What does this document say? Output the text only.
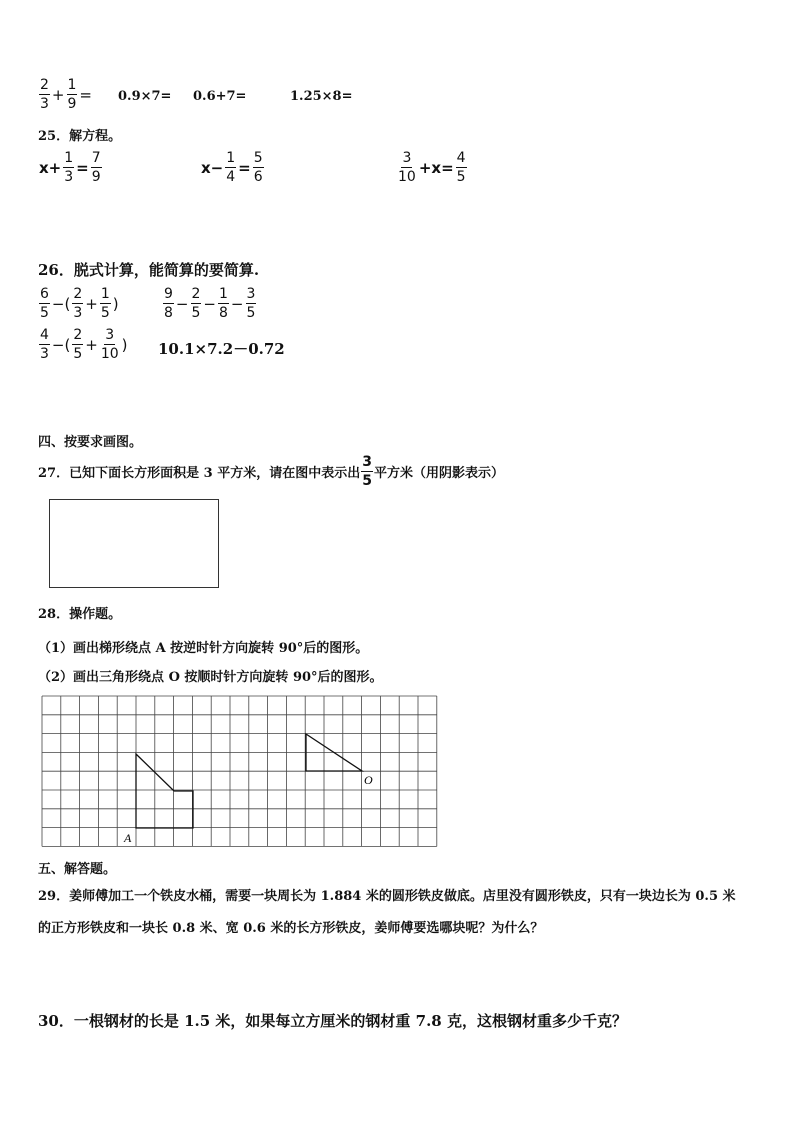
$\frac{2}{3} + \frac{1}{9} = 0.9\times 7= 0.6+7=$	1.25×8=
25．解方程。
$x+ \frac{1}{3} = \frac{7}{9}$	$x- \frac{1}{4} = \frac{5}{6}$	$\frac{3}{10} +x= \frac{4}{5}$
26．脱式计算，能简算的要简算.
$\frac{6}{5}$ −( $\frac{2}{3} + \frac{1}{5}$ )	$\frac{9}{8} - \frac{2}{5} - \frac{1}{8} - \frac{3}{5}$
$\frac{4}{3}$ −( $\frac{2}{5} + \frac{3}{10}$ ) 10.1×7.2－0.72
四、按要求画图。
27．已知下面长方形面积是 3 平方米，请在图中表示出 $\frac{3}{5}$ 平方米（用阴影表示）
28．操作题。
（1）画出梯形绕点 A 按逆时针方向旋转 90°后的图形。
（2）画出三角形绕点 O 按顺时针方向旋转 90°后的图形。
A
O
五、解答题。
29．姜师傅加工一个铁皮水桶，需要一块周长为 1.884 米的圆形铁皮做底。店里没有圆形铁皮，只有一块边长为 0.5 米
的正方形铁皮和一块长 0.8 米、宽 0.6 米的长方形铁皮，姜师傅要选哪块呢？为什么？
30．一根钢材的长是 1.5 米，如果每立方厘米的钢材重 7.8 克，这根钢材重多少千克？
